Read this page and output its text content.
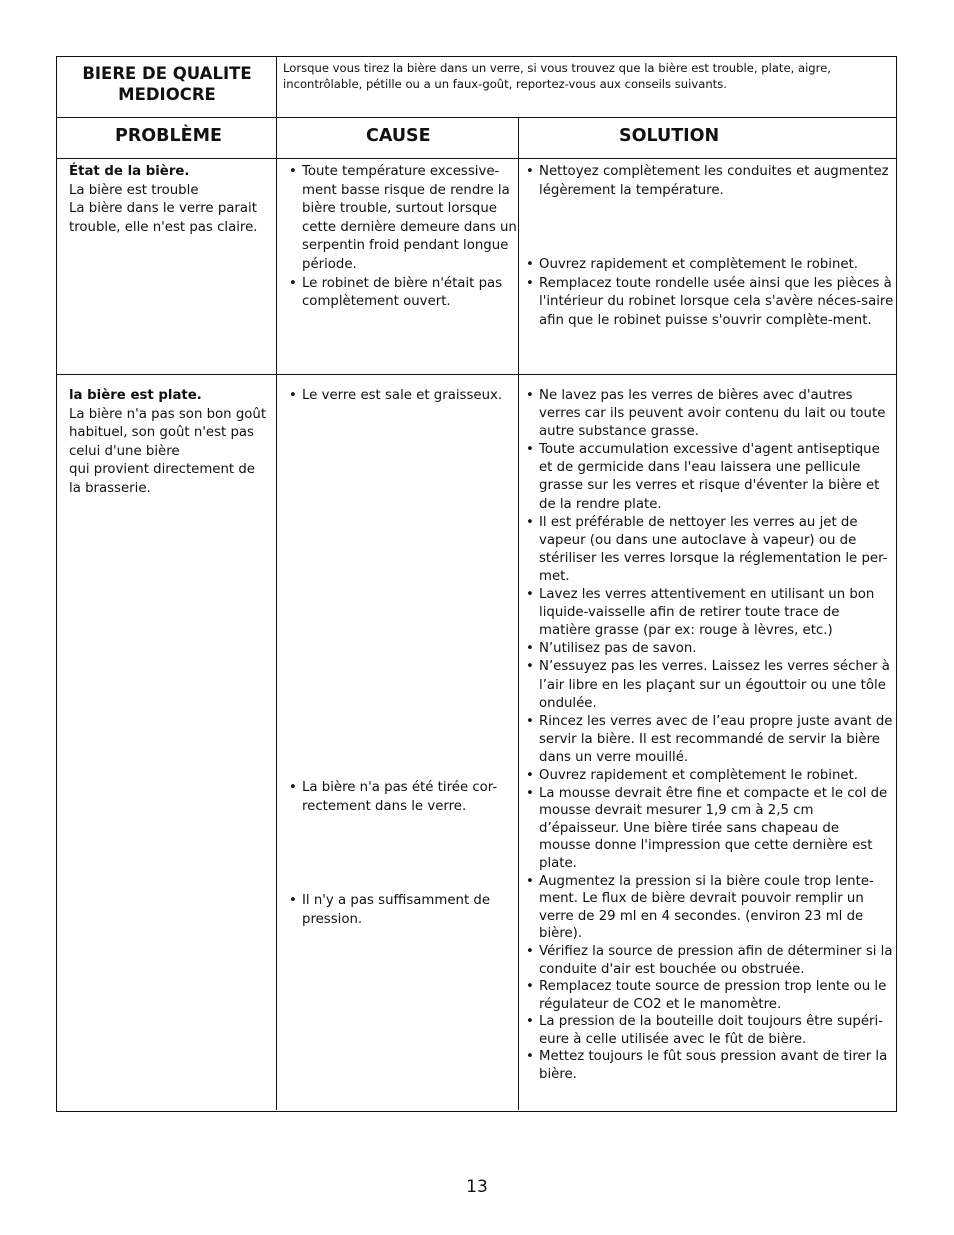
BIERE DE QUALITE
MEDIOCRE
Lorsque vous tirez la bière dans un verre, si vous trouvez que la bière est trouble, plate, aigre, incontrôlable, pétille ou a un faux-goût, reportez-vous aux conseils suivants.
PROBLÈME	CAUSE	SOLUTION
État de la bière.
La bière est trouble
La bière dans le verre parait trouble, elle n'est pas claire.
• Toute température excessive-ment basse risque de rendre la bière trouble, surtout lorsque cette dernière demeure dans un serpentin froid pendant longue période.
• Le robinet de bière n'était pas complètement ouvert.
• Nettoyez complètement les conduites et augmentez légèrement la température.
• Ouvrez rapidement et complètement le robinet.
• Remplacez toute rondelle usée ainsi que les pièces à l'intérieur du robinet lorsque cela s'avère néces-saire afin que le robinet puisse s'ouvrir complète-ment.
la bière est plate.
La bière n'a pas son bon goût habituel, son goût n'est pas celui d'une bière
qui provient directement de la brasserie.
• Le verre est sale et graisseux.
• La bière n'a pas été tirée cor-rectement dans le verre.
• Il n'y a pas suffisamment de pression.
• Ne lavez pas les verres de bières avec d'autres verres car ils peuvent avoir contenu du lait ou toute autre substance grasse.
• Toute accumulation excessive d'agent antiseptique et de germicide dans l'eau laissera une pellicule grasse sur les verres et risque d'éventer la bière et de la rendre plate.
• Il est préférable de nettoyer les verres au jet de vapeur (ou dans une autoclave à vapeur) ou de stériliser les verres lorsque la réglementation le per-met.
• Lavez les verres attentivement en utilisant un bon liquide-vaisselle afin de retirer toute trace de matière grasse (par ex: rouge à lèvres, etc.)
• N’utilisez pas de savon.
• N’essuyez pas les verres. Laissez les verres sécher à l’air libre en les plaçant sur un égouttoir ou une tôle ondulée.
• Rincez les verres avec de l’eau propre juste avant de servir la bière. Il est recommandé de servir la bière dans un verre mouillé.
• Ouvrez rapidement et complètement le robinet.
• La mousse devrait être fine et compacte et le col de mousse devrait mesurer 1,9 cm à 2,5 cm d’épaisseur. Une bière tirée sans chapeau de mousse donne l'impression que cette dernière est plate.
• Augmentez la pression si la bière coule trop lente-ment. Le flux de bière devrait pouvoir remplir un verre de 29 ml en 4 secondes. (environ 23 ml de bière).
• Vérifiez la source de pression afin de déterminer si la conduite d'air est bouchée ou obstruée.
• Remplacez toute source de pression trop lente ou le régulateur de CO2 et le manomètre.
• La pression de la bouteille doit toujours être supéri-eure à celle utilisée avec le fût de bière.
• Mettez toujours le fût sous pression avant de tirer la bière.
13
